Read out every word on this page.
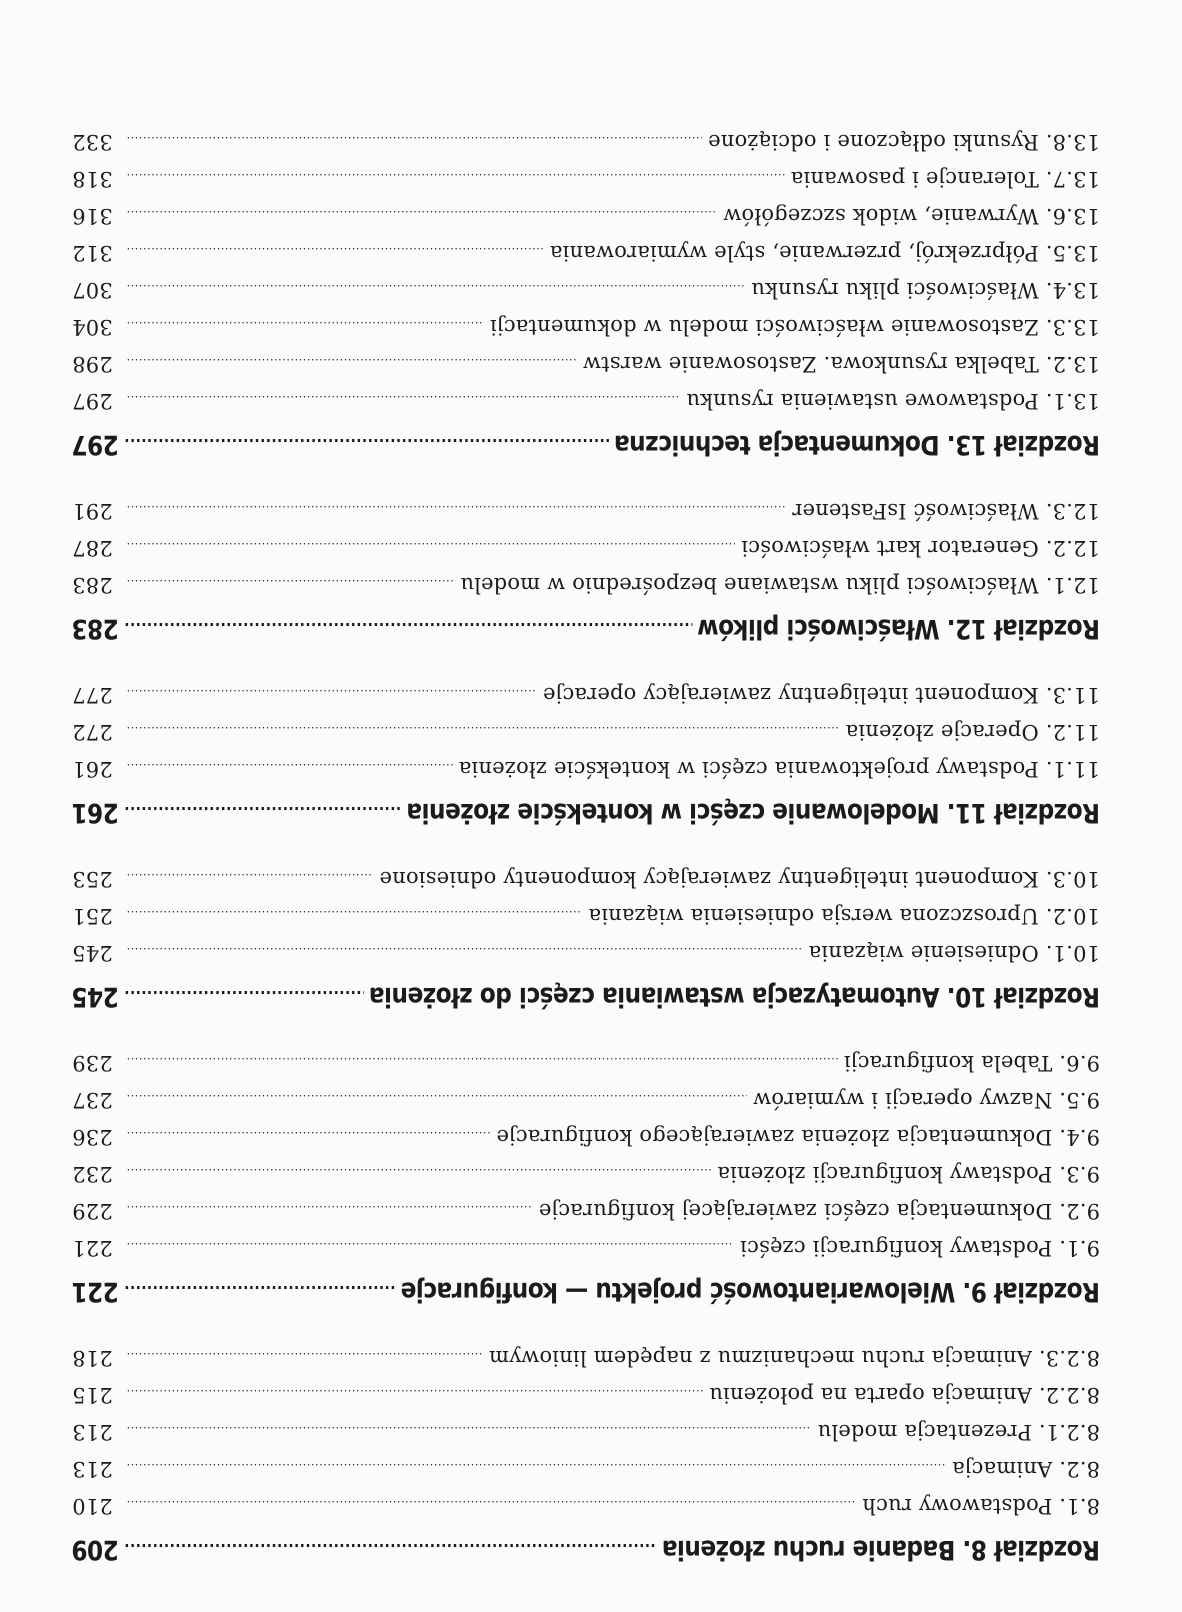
Rozdział 8. Badanie ruchu złożenia
.....
209
8.1. Podstawowy ruch
.....
210
8.2. Animacja
.....
213
8.2.1. Prezentacja modelu
.....
213
8.2.2. Animacja oparta na położeniu
.....
215
8.2.3. Animacja ruchu mechanizmu z napędem liniowym
.....
218
Rozdział 9. Wielowariantowość projektu — konfiguracje
.....
221
9.1. Podstawy konfiguracji części
.....
221
9.2. Dokumentacja części zawierającej konfiguracje
.....
229
9.3. Podstawy konfiguracji złożenia
.....
232
9.4. Dokumentacja złożenia zawierającego konfiguracje
.....
236
9.5. Nazwy operacji i wymiarów
.....
237
9.6. Tabela konfiguracji
.....
239
Rozdział 10. Automatyzacja wstawiania części do złożenia
.....
245
10.1. Odniesienie wiązania
.....
245
10.2. Uproszczona wersja odniesienia wiązania
.....
251
10.3. Komponent inteligentny zawierający komponenty odniesione
.....
253
Rozdział 11. Modelowanie części w kontekście złożenia
.....
261
11.1. Podstawy projektowania części w kontekście złożenia
.....
261
11.2. Operacje złożenia
.....
272
11.3. Komponent inteligentny zawierający operacje
.....
277
Rozdział 12. Właściwości plików
.....
283
12.1. Właściwości pliku wstawiane bezpośrednio w modelu
.....
283
12.2. Generator kart właściwości
.....
287
12.3. Właściwość IsFastener
.....
291
Rozdział 13. Dokumentacja techniczna
.....
297
13.1. Podstawowe ustawienia rysunku
.....
297
13.2. Tabelka rysunkowa. Zastosowanie warstw
.....
298
13.3. Zastosowanie właściwości modelu w dokumentacji
.....
304
13.4. Właściwości pliku rysunku
.....
307
13.5. Półprzekrój, przerwanie, style wymiarowania
.....
312
13.6. Wyrwanie, widok szczegółów
.....
316
13.7. Tolerancje i pasowania
.....
318
13.8. Rysunki odłączone i odciążone
.....
332
